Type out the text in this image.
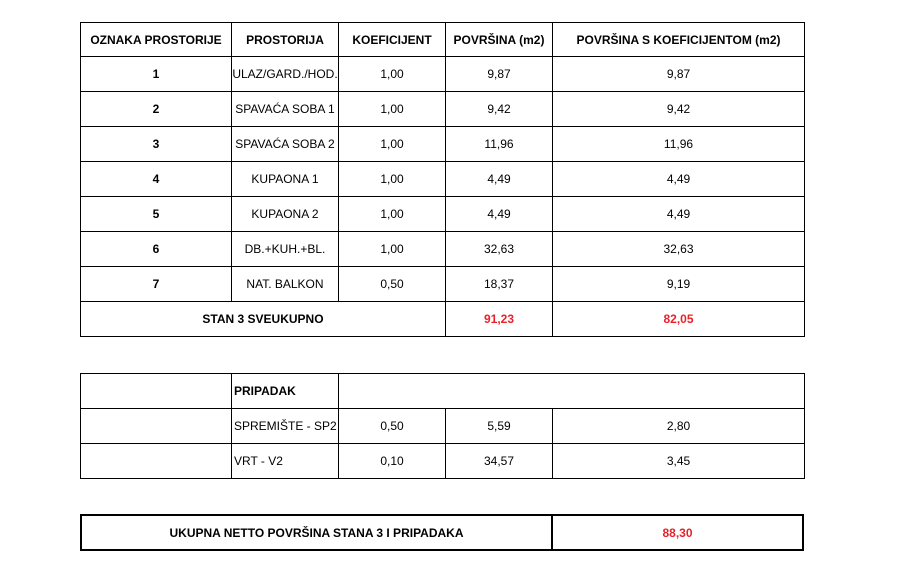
OZNAKA PROSTORIJE	PROSTORIJA	KOEFICIJENT	POVRŠINA (m2)	POVRŠINA S KOEFICIJENTOM (m2)
1	ULAZ/GARD./HOD.	1,00	9,87	9,87
2	SPAVAĆA SOBA 1	1,00	9,42	9,42
3	SPAVAĆA SOBA 2	1,00	11,96	11,96
4	KUPAONA 1	1,00	4,49	4,49
5	KUPAONA 2	1,00	4,49	4,49
6	DB.+KUH.+BL.	1,00	32,63	32,63
7	NAT. BALKON	0,50	18,37	9,19
STAN 3 SVEUKUPNO			91,23	82,05
	PRIPADAK			
	SPREMIŠTE - SP2	0,50	5,59	2,80
	VRT - V2	0,10	34,57	3,45
UKUPNA NETTO POVRŠINA STANA 3 I PRIPADAKA	88,30
